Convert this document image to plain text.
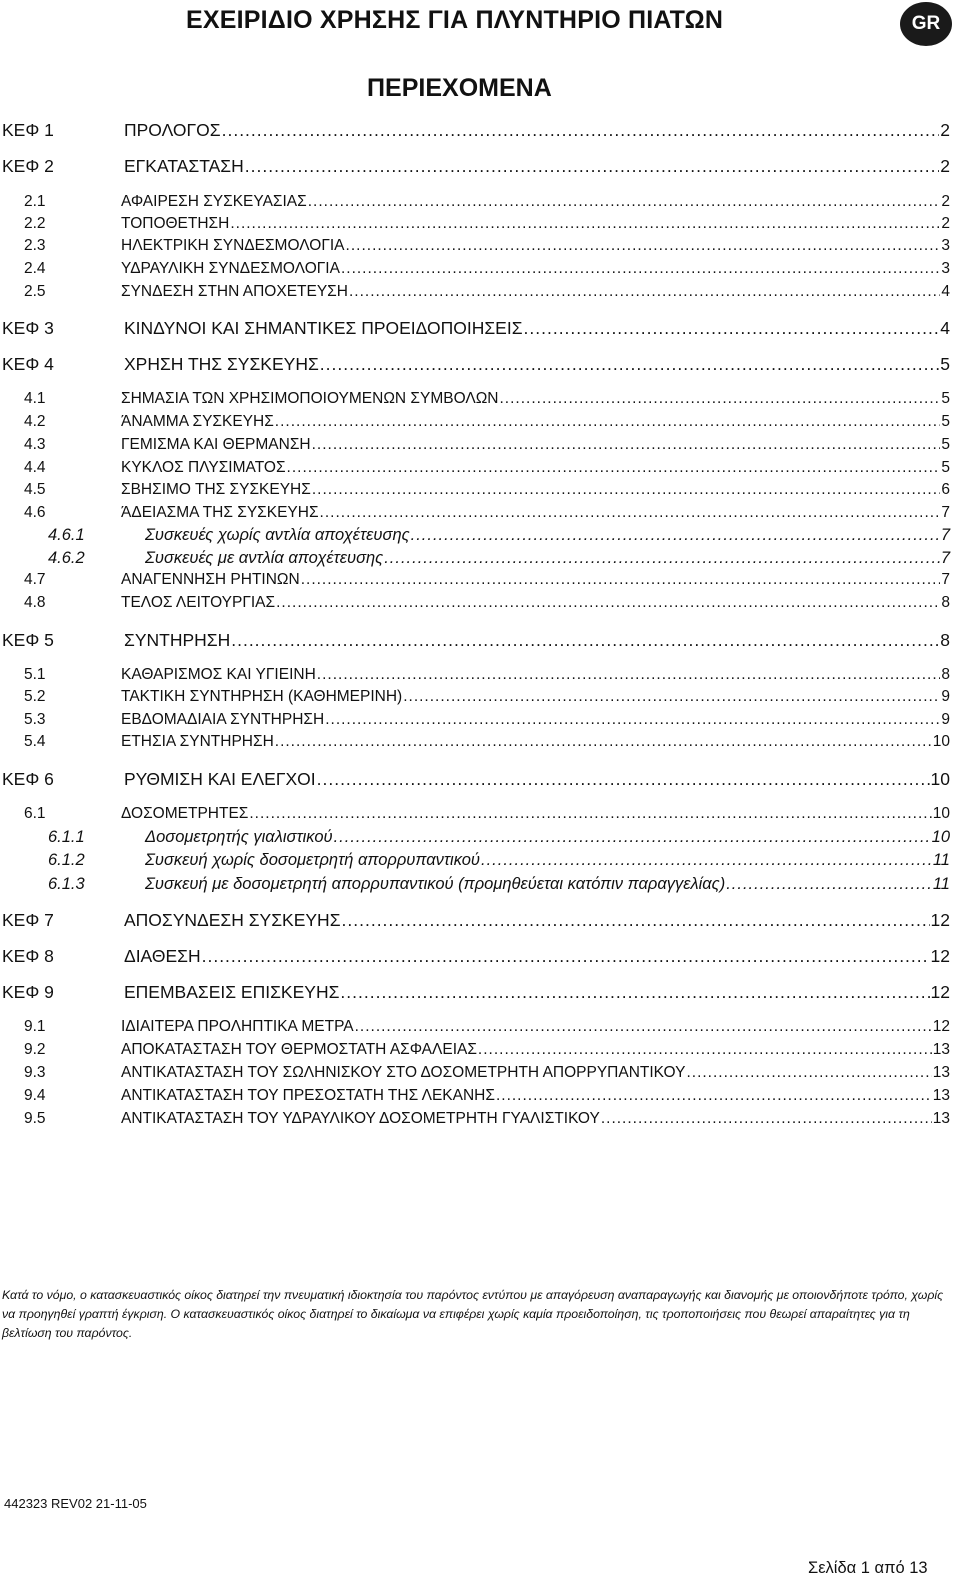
ΕΧΕΙΡΙΔΙΟ ΧΡΗΣΗΣ ΓΙΑ ΠΛΥΝΤΗΡΙΟ ΠΙΑΤΩΝ	GR
ΠΕΡΙΕΧΟΜΕΝΑ
ΚΕΦ 1	ΠΡΟΛΟΓΟΣ .....	2
ΚΕΦ 2	ΕΓΚΑΤΑΣΤΑΣΗ .....	2
2.1	ΑΦΑΙΡΕΣΗ ΣΥΣΚΕΥΑΣΙΑΣ .....	2
2.2	ΤΟΠΟΘΕΤΗΣΗ .....	2
2.3	ΗΛΕΚΤΡΙΚΗ ΣΥΝΔΕΣΜΟΛΟΓΙΑ .....	3
2.4	ΥΔΡΑΥΛΙΚΗ ΣΥΝΔΕΣΜΟΛΟΓΙΑ .....	3
2.5	ΣΥΝΔΕΣΗ ΣΤΗΝ ΑΠΟΧΕΤΕΥΣΗ .....	4
ΚΕΦ 3	ΚΙΝΔΥΝΟΙ ΚΑΙ ΣΗΜΑΝΤΙΚΕΣ ΠΡΟΕΙΔΟΠΟΙΗΣΕΙΣ .....	4
ΚΕΦ 4	ΧΡΗΣΗ ΤΗΣ ΣΥΣΚΕΥΗΣ .....	5
4.1	ΣΗΜΑΣΙΑ ΤΩΝ ΧΡΗΣΙΜΟΠΟΙΟΥΜΕΝΩΝ ΣΥΜΒΟΛΩΝ .....	5
4.2	ΆΝΑΜΜΑ ΣΥΣΚΕΥΗΣ .....	5
4.3	ΓΕΜΙΣΜΑ ΚΑΙ ΘΕΡΜΑΝΣΗ .....	5
4.4	ΚΥΚΛΟΣ ΠΛΥΣΙΜΑΤΟΣ .....	5
4.5	ΣΒΗΣΙΜΟ ΤΗΣ ΣΥΣΚΕΥΗΣ .....	6
4.6	ΆΔΕΙΑΣΜΑ ΤΗΣ ΣΥΣΚΕΥΗΣ .....	7
4.6.1	Συσκευές χωρίς αντλία αποχέτευσης .....	7
4.6.2	Συσκευές με αντλία αποχέτευσης .....	7
4.7	ΑΝΑΓΕΝΝΗΣΗ ΡΗΤΙΝΩΝ .....	7
4.8	ΤΕΛΟΣ ΛΕΙΤΟΥΡΓΙΑΣ .....	8
ΚΕΦ 5	ΣΥΝΤΗΡΗΣΗ .....	8
5.1	ΚΑΘΑΡΙΣΜΟΣ ΚΑΙ ΥΓΙΕΙΝΗ .....	8
5.2	ΤΑΚΤΙΚΗ ΣΥΝΤΗΡΗΣΗ (ΚΑΘΗΜΕΡΙΝΗ) .....	9
5.3	ΕΒΔΟΜΑΔΙΑΙΑ ΣΥΝΤΗΡΗΣΗ .....	9
5.4	ΕΤΗΣΙΑ ΣΥΝΤΗΡΗΣΗ .....	10
ΚΕΦ 6	ΡΥΘΜΙΣΗ ΚΑΙ ΕΛΕΓΧΟΙ .....	10
6.1	ΔΟΣΟΜΕΤΡΗΤΕΣ .....	10
6.1.1	Δοσομετρητής γιαλιστικού .....	10
6.1.2	Συσκευή χωρίς δοσομετρητή απορρυπαντικού .....	11
6.1.3	Συσκευή με δοσομετρητή απορρυπαντικού (προμηθεύεται κατόπιν παραγγελίας) .....	11
ΚΕΦ 7	ΑΠΟΣΥΝΔΕΣΗ ΣΥΣΚΕΥΗΣ .....	12
ΚΕΦ 8	ΔΙΑΘΕΣΗ .....	12
ΚΕΦ 9	ΕΠΕΜΒΑΣΕΙΣ ΕΠΙΣΚΕΥΗΣ .....	12
9.1	ΙΔΙΑΙΤΕΡΑ ΠΡΟΛΗΠΤΙΚΑ ΜΕΤΡΑ .....	12
9.2	ΑΠΟΚΑΤΑΣΤΑΣΗ ΤΟΥ ΘΕΡΜΟΣΤΑΤΗ ΑΣΦΑΛΕΙΑΣ .....	13
9.3	ΑΝΤΙΚΑΤΑΣΤΑΣΗ ΤΟΥ ΣΩΛΗΝΙΣΚΟΥ ΣΤΟ ΔΟΣΟΜΕΤΡΗΤΗ ΑΠΟΡΡΥΠΑΝΤΙΚΟΥ .....	13
9.4	ΑΝΤΙΚΑΤΑΣΤΑΣΗ ΤΟΥ ΠΡΕΣΟΣΤΑΤΗ ΤΗΣ ΛΕΚΑΝΗΣ .....	13
9.5	ΑΝΤΙΚΑΤΑΣΤΑΣΗ ΤΟΥ ΥΔΡΑΥΛΙΚΟΥ ΔΟΣΟΜΕΤΡΗΤΗ ΓΥΑΛΙΣΤΙΚΟΥ .....	13
Κατά το νόμο, ο κατασκευαστικός οίκος διατηρεί την πνευματική ιδιοκτησία του παρόντος εντύπου με απαγόρευση αναπαραγωγής και διανομής με οποιονδήποτε τρόπο, χωρίς να προηγηθεί γραπτή έγκριση. Ο κατασκευαστικός οίκος διατηρεί το δικαίωμα να επιφέρει χωρίς καμία προειδοποίηση, τις τροποποιήσεις που θεωρεί απαραίτητες για τη βελτίωση του παρόντος.
442323 REV02 21-11-05
Σελίδα 1 από 13
